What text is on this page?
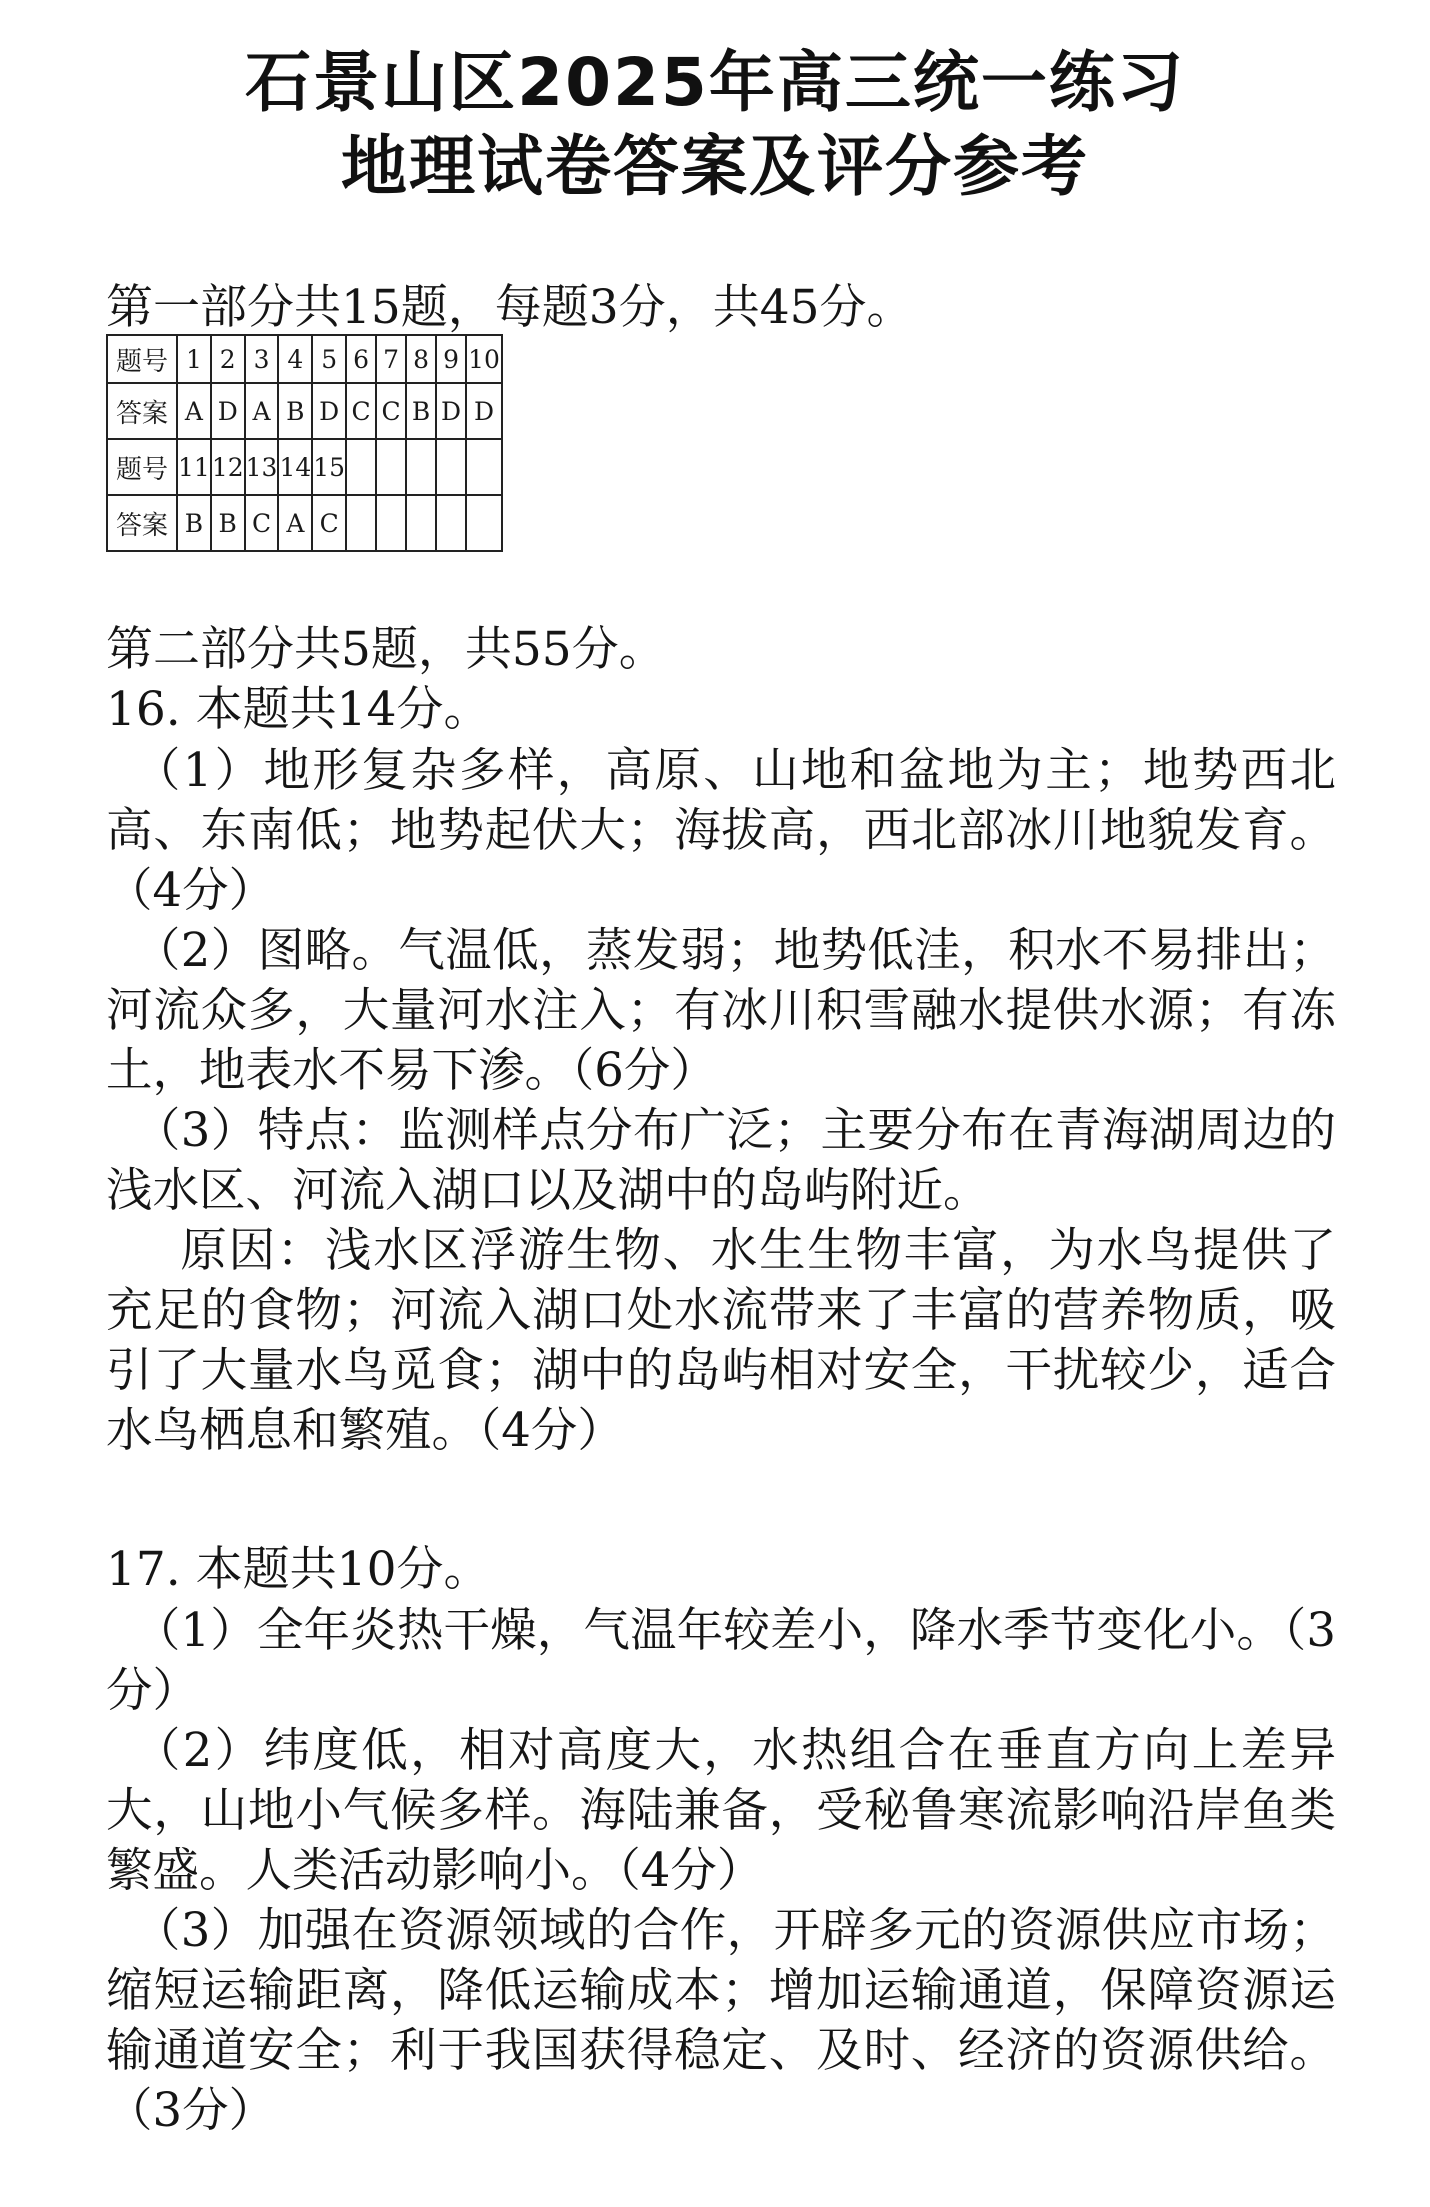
石景山区2025年高三统一练习
地理试卷答案及评分参考
第一部分共15题，每题3分，共45分。
题号	1	2	3	4	5	6	7	8	9	10
答案	A	D	A	B	D	C	C	B	D	D
题号	11	12	13	14	15					
答案	B	B	C	A	C					
第二部分共5题，共55分。
16. 本题共14分。
（1）地形复杂多样，高原、山地和盆地为主；地势西北高、东南低；地势起伏大；海拔高，西北部冰川地貌发育。（4分）
（2）图略。气温低，蒸发弱；地势低洼，积水不易排出；河流众多，大量河水注入；有冰川积雪融水提供水源；有冻土，地表水不易下渗。（6分）
（3）特点：监测样点分布广泛；主要分布在青海湖周边的浅水区、河流入湖口以及湖中的岛屿附近。
原因：浅水区浮游生物、水生生物丰富，为水鸟提供了充足的食物；河流入湖口处水流带来了丰富的营养物质，吸引了大量水鸟觅食；湖中的岛屿相对安全，干扰较少，适合水鸟栖息和繁殖。（4分）
17. 本题共10分。
（1）全年炎热干燥，气温年较差小，降水季节变化小。（3分）
（2）纬度低，相对高度大，水热组合在垂直方向上差异大，山地小气候多样。海陆兼备，受秘鲁寒流影响沿岸鱼类繁盛。人类活动影响小。（4分）
（3）加强在资源领域的合作，开辟多元的资源供应市场；缩短运输距离，降低运输成本；增加运输通道，保障资源运输通道安全；利于我国获得稳定、及时、经济的资源供给。（3分）
